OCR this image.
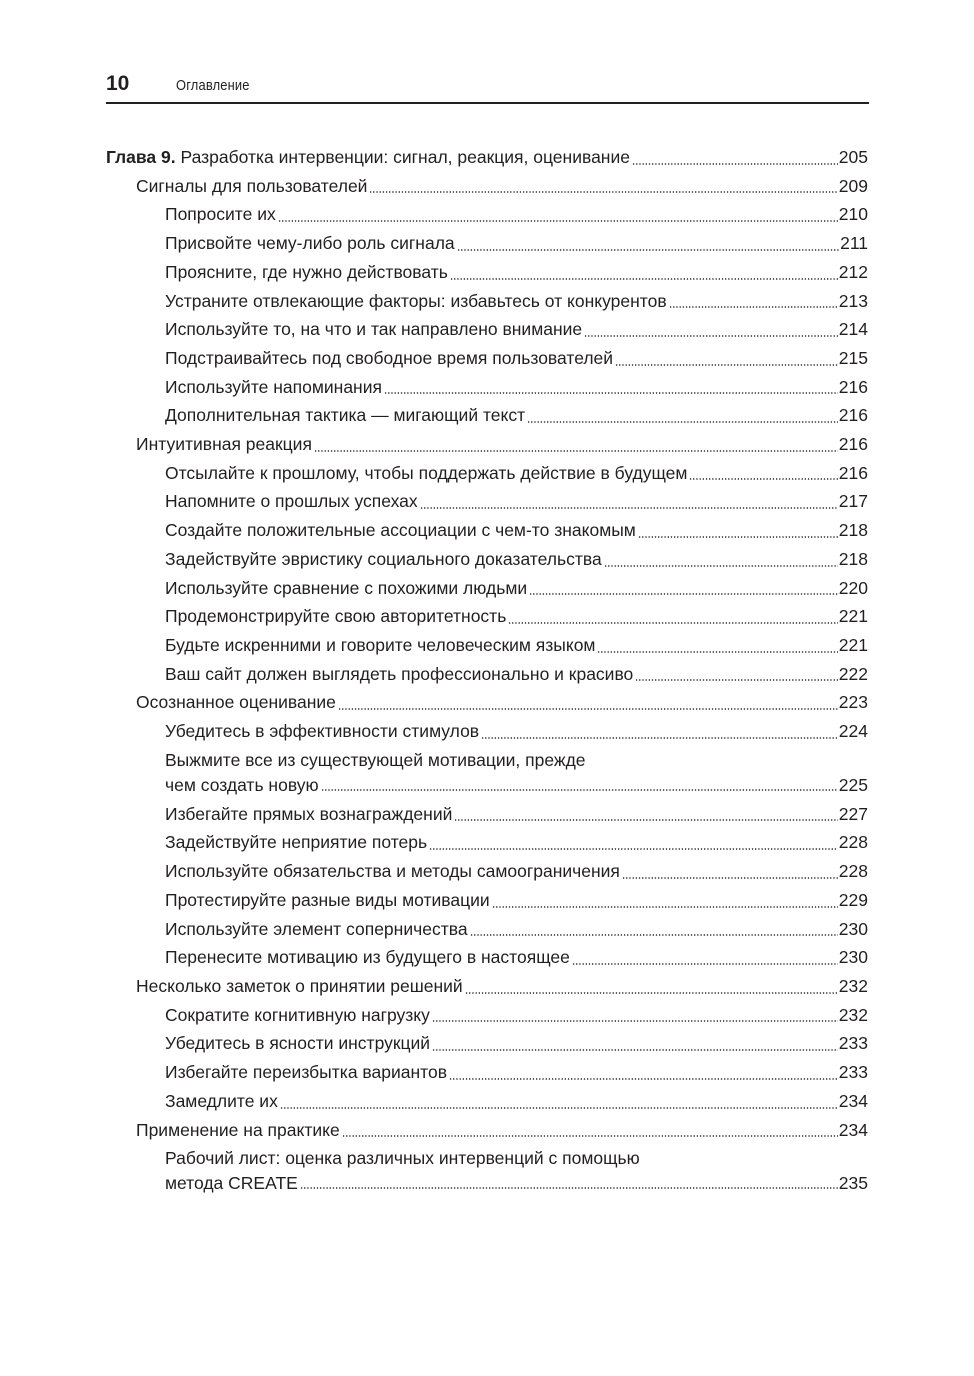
10	Оглавление
Глава 9. Разработка интервенции: сигнал, реакция, оценивание	205
Сигналы для пользователей	209
Попросите их	210
Присвойте чему-либо роль сигнала	211
Проясните, где нужно действовать	212
Устраните отвлекающие факторы: избавьтесь от конкурентов	213
Используйте то, на что и так направлено внимание	214
Подстраивайтесь под свободное время пользователей	215
Используйте напоминания	216
Дополнительная тактика — мигающий текст	216
Интуитивная реакция	216
Отсылайте к прошлому, чтобы поддержать действие в будущем	216
Напомните о прошлых успехах	217
Создайте положительные ассоциации с чем-то знакомым	218
Задействуйте эвристику социального доказательства	218
Используйте сравнение с похожими людьми	220
Продемонстрируйте свою авторитетность	221
Будьте искренними и говорите человеческим языком	221
Ваш сайт должен выглядеть профессионально и красиво	222
Осознанное оценивание	223
Убедитесь в эффективности стимулов	224
Выжмите все из существующей мотивации, прежде
чем создать новую	225
Избегайте прямых вознаграждений	227
Задействуйте неприятие потерь	228
Используйте обязательства и методы самоограничения	228
Протестируйте разные виды мотивации	229
Используйте элемент соперничества	230
Перенесите мотивацию из будущего в настоящее	230
Несколько заметок о принятии решений	232
Сократите когнитивную нагрузку	232
Убедитесь в ясности инструкций	233
Избегайте переизбытка вариантов	233
Замедлите их	234
Применение на практике	234
Рабочий лист: оценка различных интервенций с помощью
метода CREATE	235
